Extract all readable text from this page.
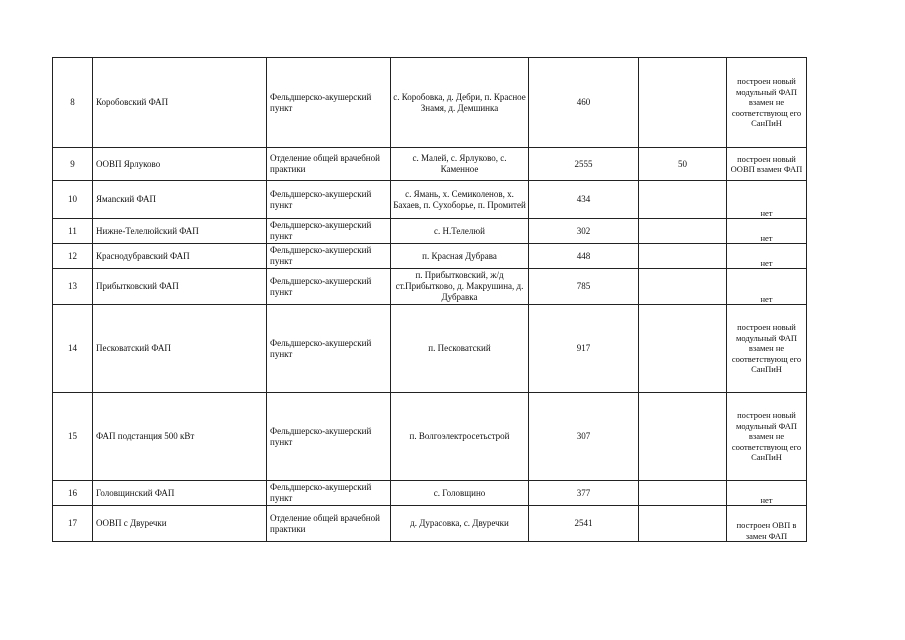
8	Коробовский ФАП	Фельдшерско-акушерский пункт	с. Коробовка, д. Дебри, п. Красное Знамя, д. Демшинка	460		построен новый модульный ФАП взамен не соответствующ его СанПиН
9	ООВП Ярлуково	Отделение общей врачебной практики	с. Малей, с. Ярлуково, с. Каменное	2555	50	построен новый ООВП взамен ФАП
10	Ямanский ФАП	Фельдшерско-акушерский пункт	с. Ямань, х. Семиколенов, х. Бахаев, п. Сухоборье, п. Промитей	434		нет
11	Нижне-Телелюйский ФАП	Фельдшерско-акушерский пункт	с. Н.Телелюй	302		нет
12	Краснодубравский ФАП	Фельдшерско-акушерский пункт	п. Красная Дубрава	448		нет
13	Прибытковский ФАП	Фельдшерско-акушерский пункт	п. Прибытковский, ж/д ст.Прибытково, д. Макрушина, д. Дубравка	785		нет
14	Песковатский ФАП	Фельдшерско-акушерский пункт	п. Песковатский	917		построен новый модульный ФАП взамен не соответствующ его СанПиН
15	ФАП подстанция 500 кВт	Фельдшерско-акушерский пункт	п. Волгоэлектросетьстрой	307		построен новый модульный ФАП взамен не соответствующ его СанПиН
16	Головщинский ФАП	Фельдшерско-акушерский пункт	с. Головщино	377		нет
17	ООВП с Двуречки	Отделение общей врачебной практики	д. Дурасовка, с. Двуречки	2541		построен ОВП в замен ФАП
